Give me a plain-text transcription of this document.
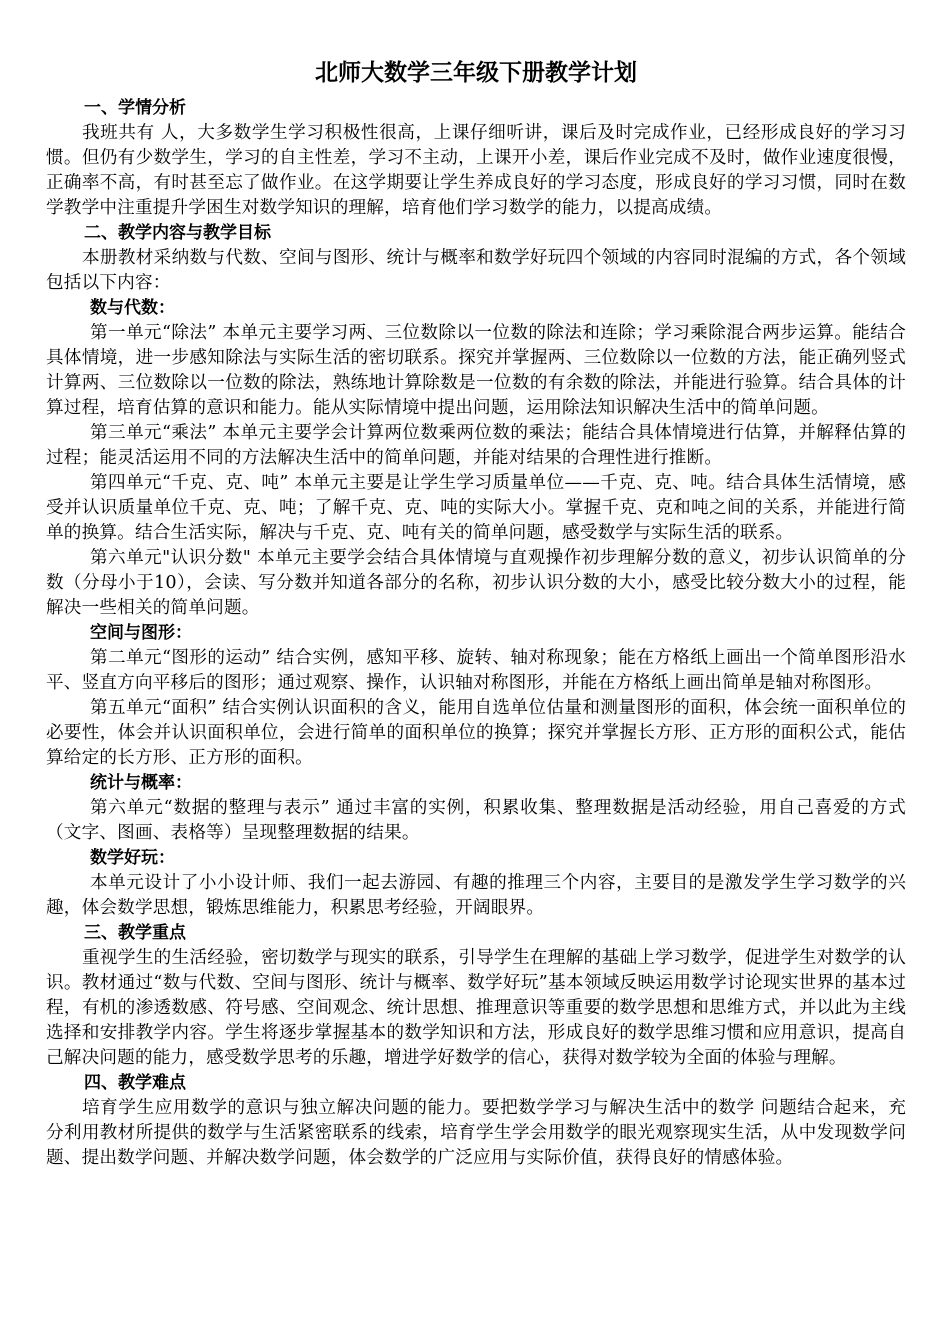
北师大数学三年级下册教学计划
一、学情分析

我班共有 人，大多数学生学习积极性很高，上课仔细听讲，课后及时完成作业，已经形成良好的学习习惯。但仍有少数学生，学习的自主性差，学习不主动，上课开小差，课后作业完成不及时，做作业速度很慢，正确率不高，有时甚至忘了做作业。在这学期要让学生养成良好的学习态度，形成良好的学习习惯，同时在数学教学中注重提升学困生对数学知识的理解，培育他们学习数学的能力，以提高成绩。

二、教学内容与教学目标

本册教材采纳数与代数、空间与图形、统计与概率和数学好玩四个领域的内容同时混编的方式，各个领域包括以下内容：

数与代数：

第一单元“除法” 本单元主要学习两、三位数除以一位数的除法和连除；学习乘除混合两步运算。能结合具体情境，进一步感知除法与实际生活的密切联系。探究并掌握两、三位数除以一位数的方法，能正确列竖式计算两、三位数除以一位数的除法，熟练地计算除数是一位数的有余数的除法，并能进行验算。结合具体的计算过程，培育估算的意识和能力。能从实际情境中提出问题，运用除法知识解决生活中的简单问题。

第三单元“乘法” 本单元主要学会计算两位数乘两位数的乘法；能结合具体情境进行估算，并解释估算的过程；能灵活运用不同的方法解决生活中的简单问题，并能对结果的合理性进行推断。

第四单元“千克、克、吨” 本单元主要是让学生学习质量单位——千克、克、吨。结合具体生活情境，感受并认识质量单位千克、克、吨；了解千克、克、吨的实际大小。掌握千克、克和吨之间的关系，并能进行简单的换算。结合生活实际，解决与千克、克、吨有关的简单问题，感受数学与实际生活的联系。

第六单元"认识分数" 本单元主要学会结合具体情境与直观操作初步理解分数的意义，初步认识简单的分数（分母小于10），会读、写分数并知道各部分的名称，初步认识分数的大小，感受比较分数大小的过程，能解决一些相关的简单问题。

空间与图形：

第二单元“图形的运动” 结合实例，感知平移、旋转、轴对称现象；能在方格纸上画出一个简单图形沿水平、竖直方向平移后的图形；通过观察、操作，认识轴对称图形，并能在方格纸上画出简单是轴对称图形。

第五单元“面积” 结合实例认识面积的含义，能用自选单位估量和测量图形的面积，体会统一面积单位的必要性，体会并认识面积单位，会进行简单的面积单位的换算；探究并掌握长方形、正方形的面积公式，能估算给定的长方形、正方形的面积。

统计与概率：

第六单元“数据的整理与表示” 通过丰富的实例，积累收集、整理数据是活动经验，用自己喜爱的方式（文字、图画、表格等）呈现整理数据的结果。

数学好玩：

本单元设计了小小设计师、我们一起去游园、有趣的推理三个内容，主要目的是激发学生学习数学的兴趣，体会数学思想，锻炼思维能力，积累思考经验，开阔眼界。

三、教学重点

重视学生的生活经验，密切数学与现实的联系，引导学生在理解的基础上学习数学，促进学生对数学的认识。教材通过“数与代数、空间与图形、统计与概率、数学好玩”基本领域反映运用数学讨论现实世界的基本过程，有机的渗透数感、符号感、空间观念、统计思想、推理意识等重要的数学思想和思维方式，并以此为主线选择和安排教学内容。学生将逐步掌握基本的数学知识和方法，形成良好的数学思维习惯和应用意识，提高自己解决问题的能力，感受数学思考的乐趣，增进学好数学的信心，获得对数学较为全面的体验与理解。

四、教学难点

培育学生应用数学的意识与独立解决问题的能力。要把数学学习与解决生活中的数学 问题结合起来，充分利用教材所提供的数学与生活紧密联系的线索，培育学生学会用数学的眼光观察现实生活，从中发现数学问题、提出数学问题、并解决数学问题，体会数学的广泛应用与实际价值，获得良好的情感体验。
